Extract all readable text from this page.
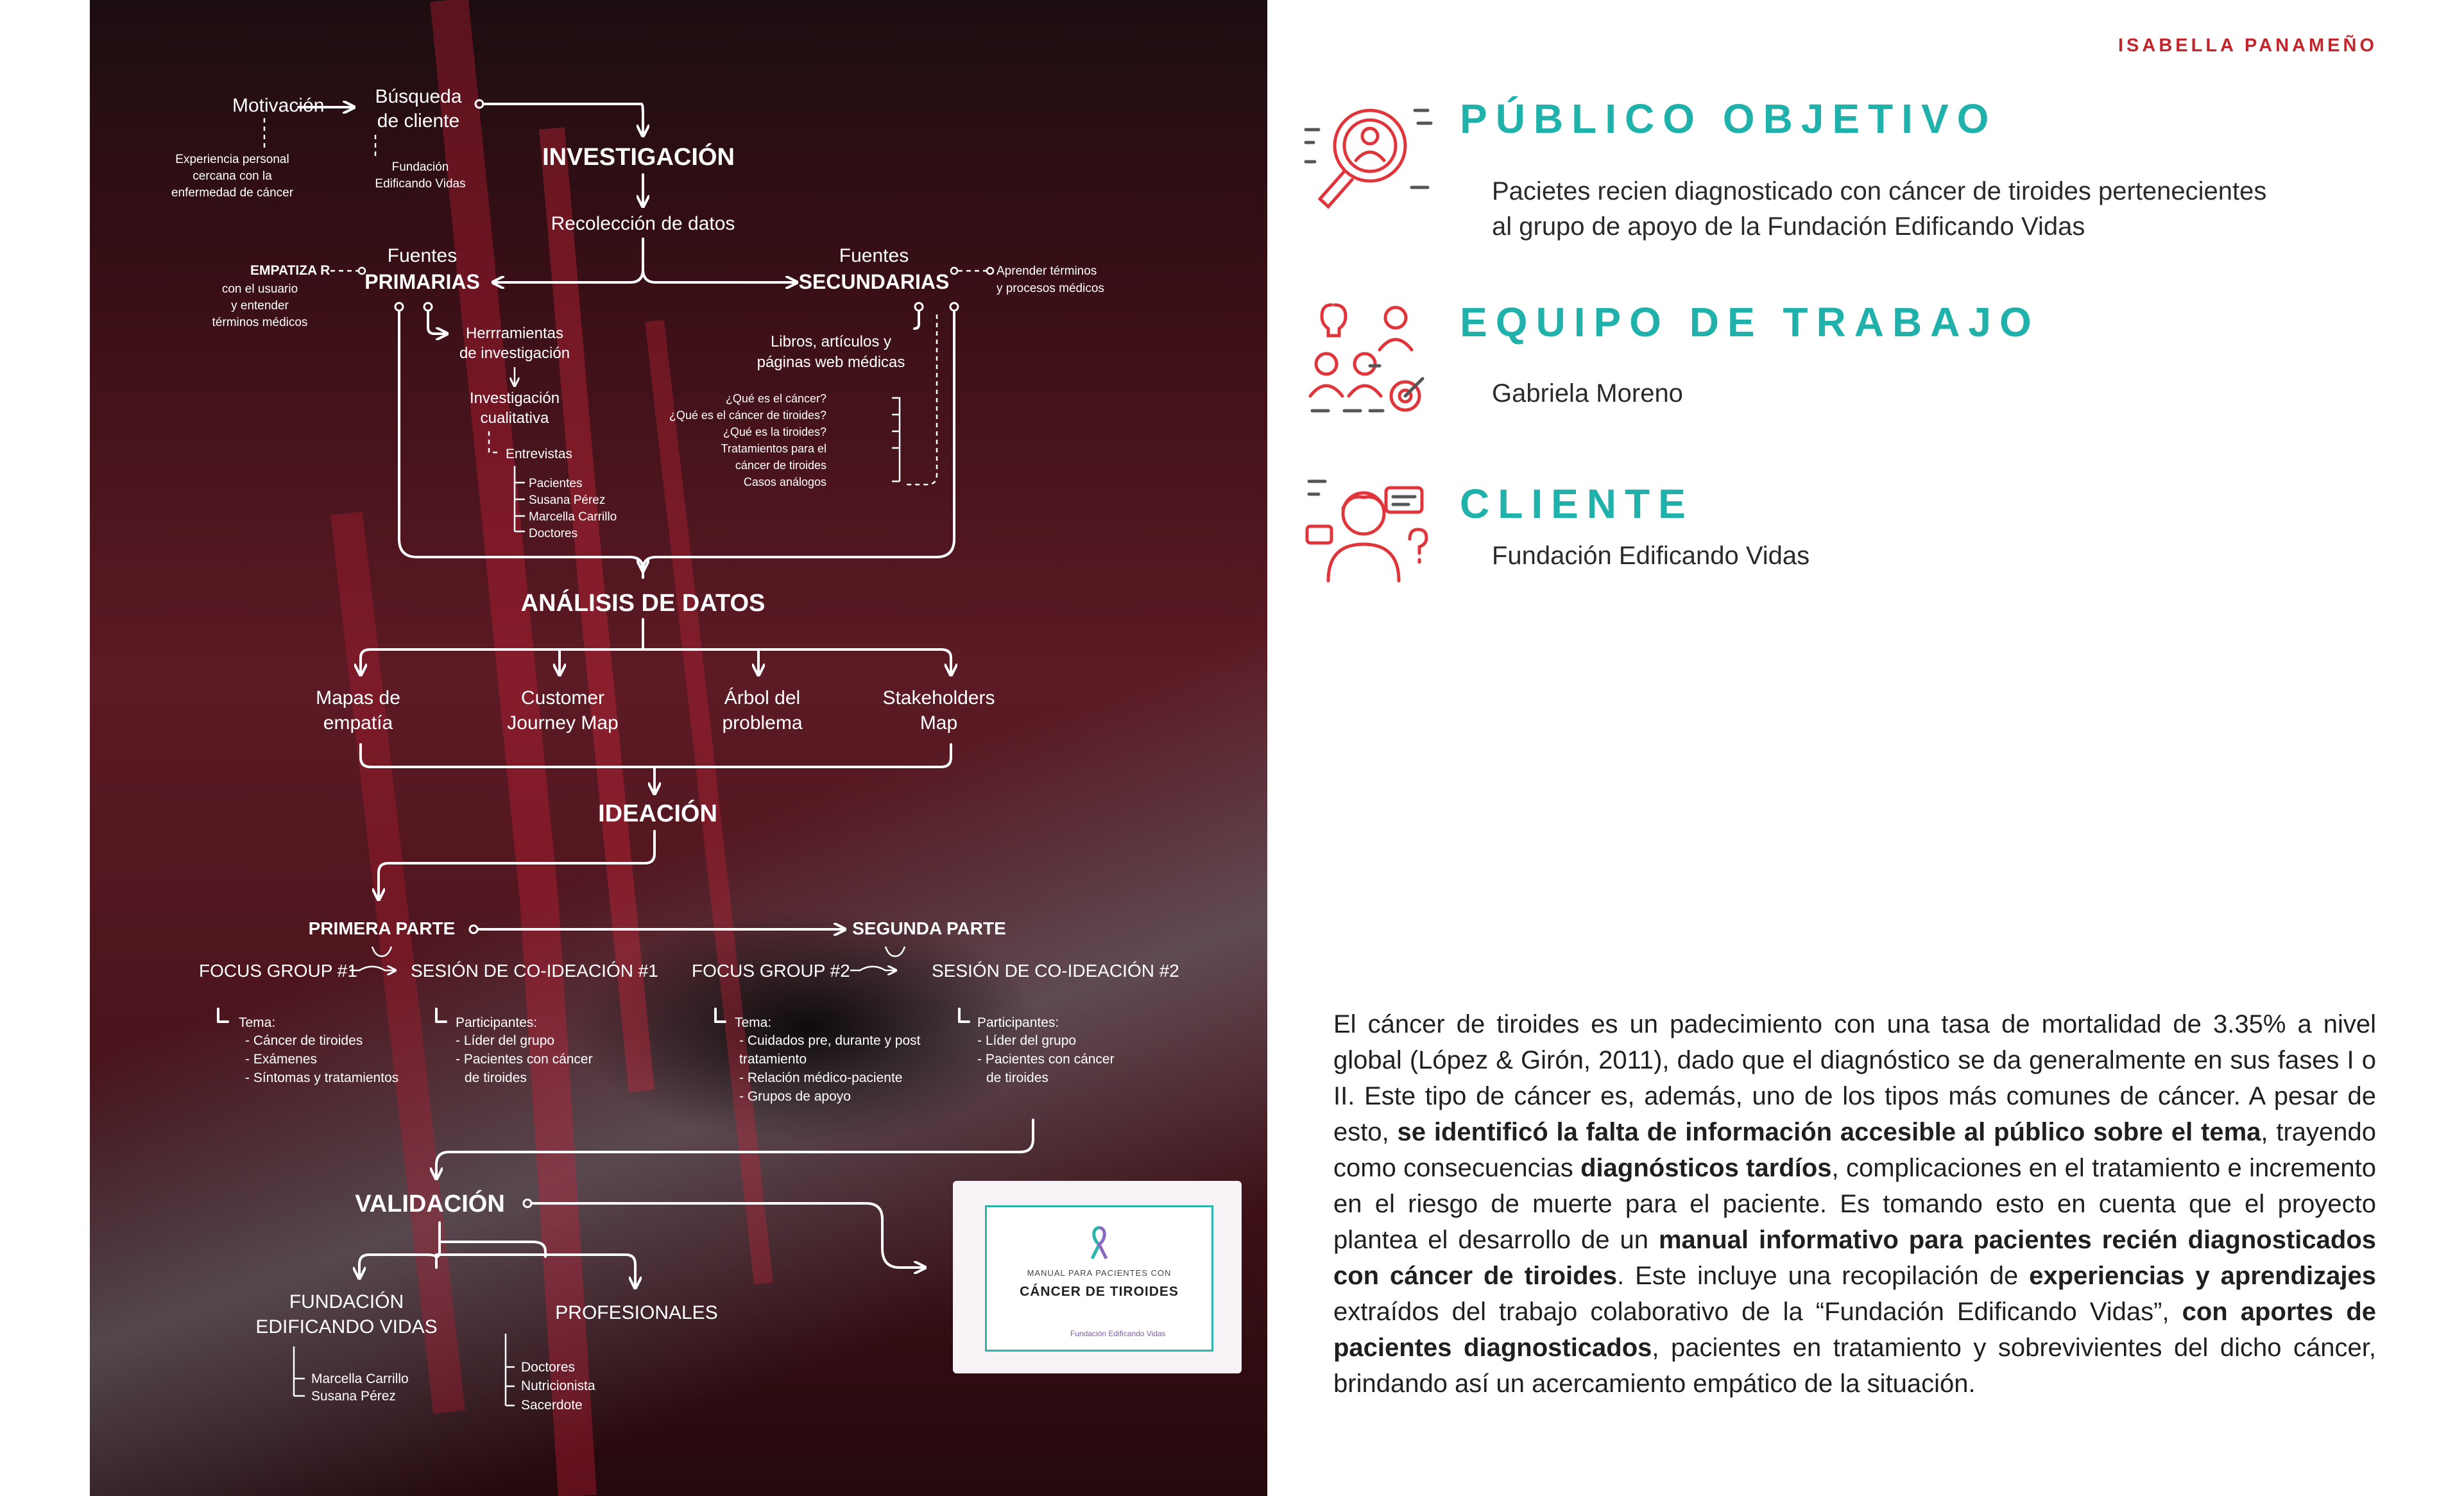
Motivación
Experiencia personal
cercana con la
enfermedad de cáncer
Búsqueda
de cliente
Fundación
Edificando Vidas
INVESTIGACIÓN
Recolección de datos
Fuentes
PRIMARIAS
EMPATIZA R
con el usuario
y entender
términos médicos
Fuentes
SECUNDARIAS	Aprender términos
y procesos médicos
Herrramientas
de investigación
Investigación
cualitativa
Entrevistas
Pacientes
Susana Pérez
Marcella Carrillo
Doctores
Libros, artículos y
páginas web médicas
¿Qué es el cáncer?
¿Qué es el cáncer de tiroides?
¿Qué es la tiroides?
Tratamientos para el
cáncer de tiroides
Casos análogos
ANÁLISIS DE DATOS
Mapas de
empatía
Customer
Journey Map
Árbol del
problema
Stakeholders
Map
IDEACIÓN
PRIMERA PARTE	SEGUNDA PARTE
FOCUS GROUP #1	SESIÓN DE CO-IDEACIÓN #1 FOCUS GROUP #2	SESIÓN DE CO-IDEACIÓN #2
Tema:
- Cáncer de tiroides
- Exámenes
- Síntomas y tratamientos
Participantes:
- Líder del grupo
- Pacientes con cáncer
de tiroides
Tema:
- Cuidados pre, durante y post
tratamiento
- Relación médico-paciente
- Grupos de apoyo
Participantes:
- Líder del grupo
- Pacientes con cáncer
de tiroides
VALIDACIÓN
FUNDACIÓN
EDIFICANDO VIDAS
PROFESIONALES
Marcella Carrillo
Susana Pérez
Doctores
Nutricionista
Sacerdote
MANUAL PARA PACIENTES CON
CÁNCER DE TIROIDES
Fundación Edificando Vidas
ISABELLA PANAMEÑO
PÚBLICO OBJETIVO
Pacietes recien diagnosticado con cáncer de tiroides pertenecientes
al grupo de apoyo de la Fundación Edificando Vidas
EQUIPO DE TRABAJO
Gabriela Moreno
CLIENTE
Fundación Edificando Vidas
El cáncer de tiroides es un padecimiento con una tasa de mortalidad de 3.35% a nivel global (López & Girón, 2011), dado que el diagnóstico se da generalmente en sus fases I o II. Este tipo de cáncer es, además, uno de los tipos más comunes de cáncer. A pesar de esto, se identificó la falta de información accesible al público sobre el tema, trayendo como consecuencias diagnósticos tardíos, complicaciones en el tratamiento e incremento en el riesgo de muerte para el paciente. Es tomando esto en cuenta que el proyecto plantea el desarrollo de un manual informativo para pacientes recién diagnosticados con cáncer de tiroides. Este incluye una recopilación de experiencias y aprendizajes extraídos del trabajo colaborativo de la “Fundación Edificando Vidas”, con aportes de pacientes diagnosticados, pacientes en tratamiento y sobrevivientes del dicho cáncer, brindando así un acercamiento empático de la situación.
